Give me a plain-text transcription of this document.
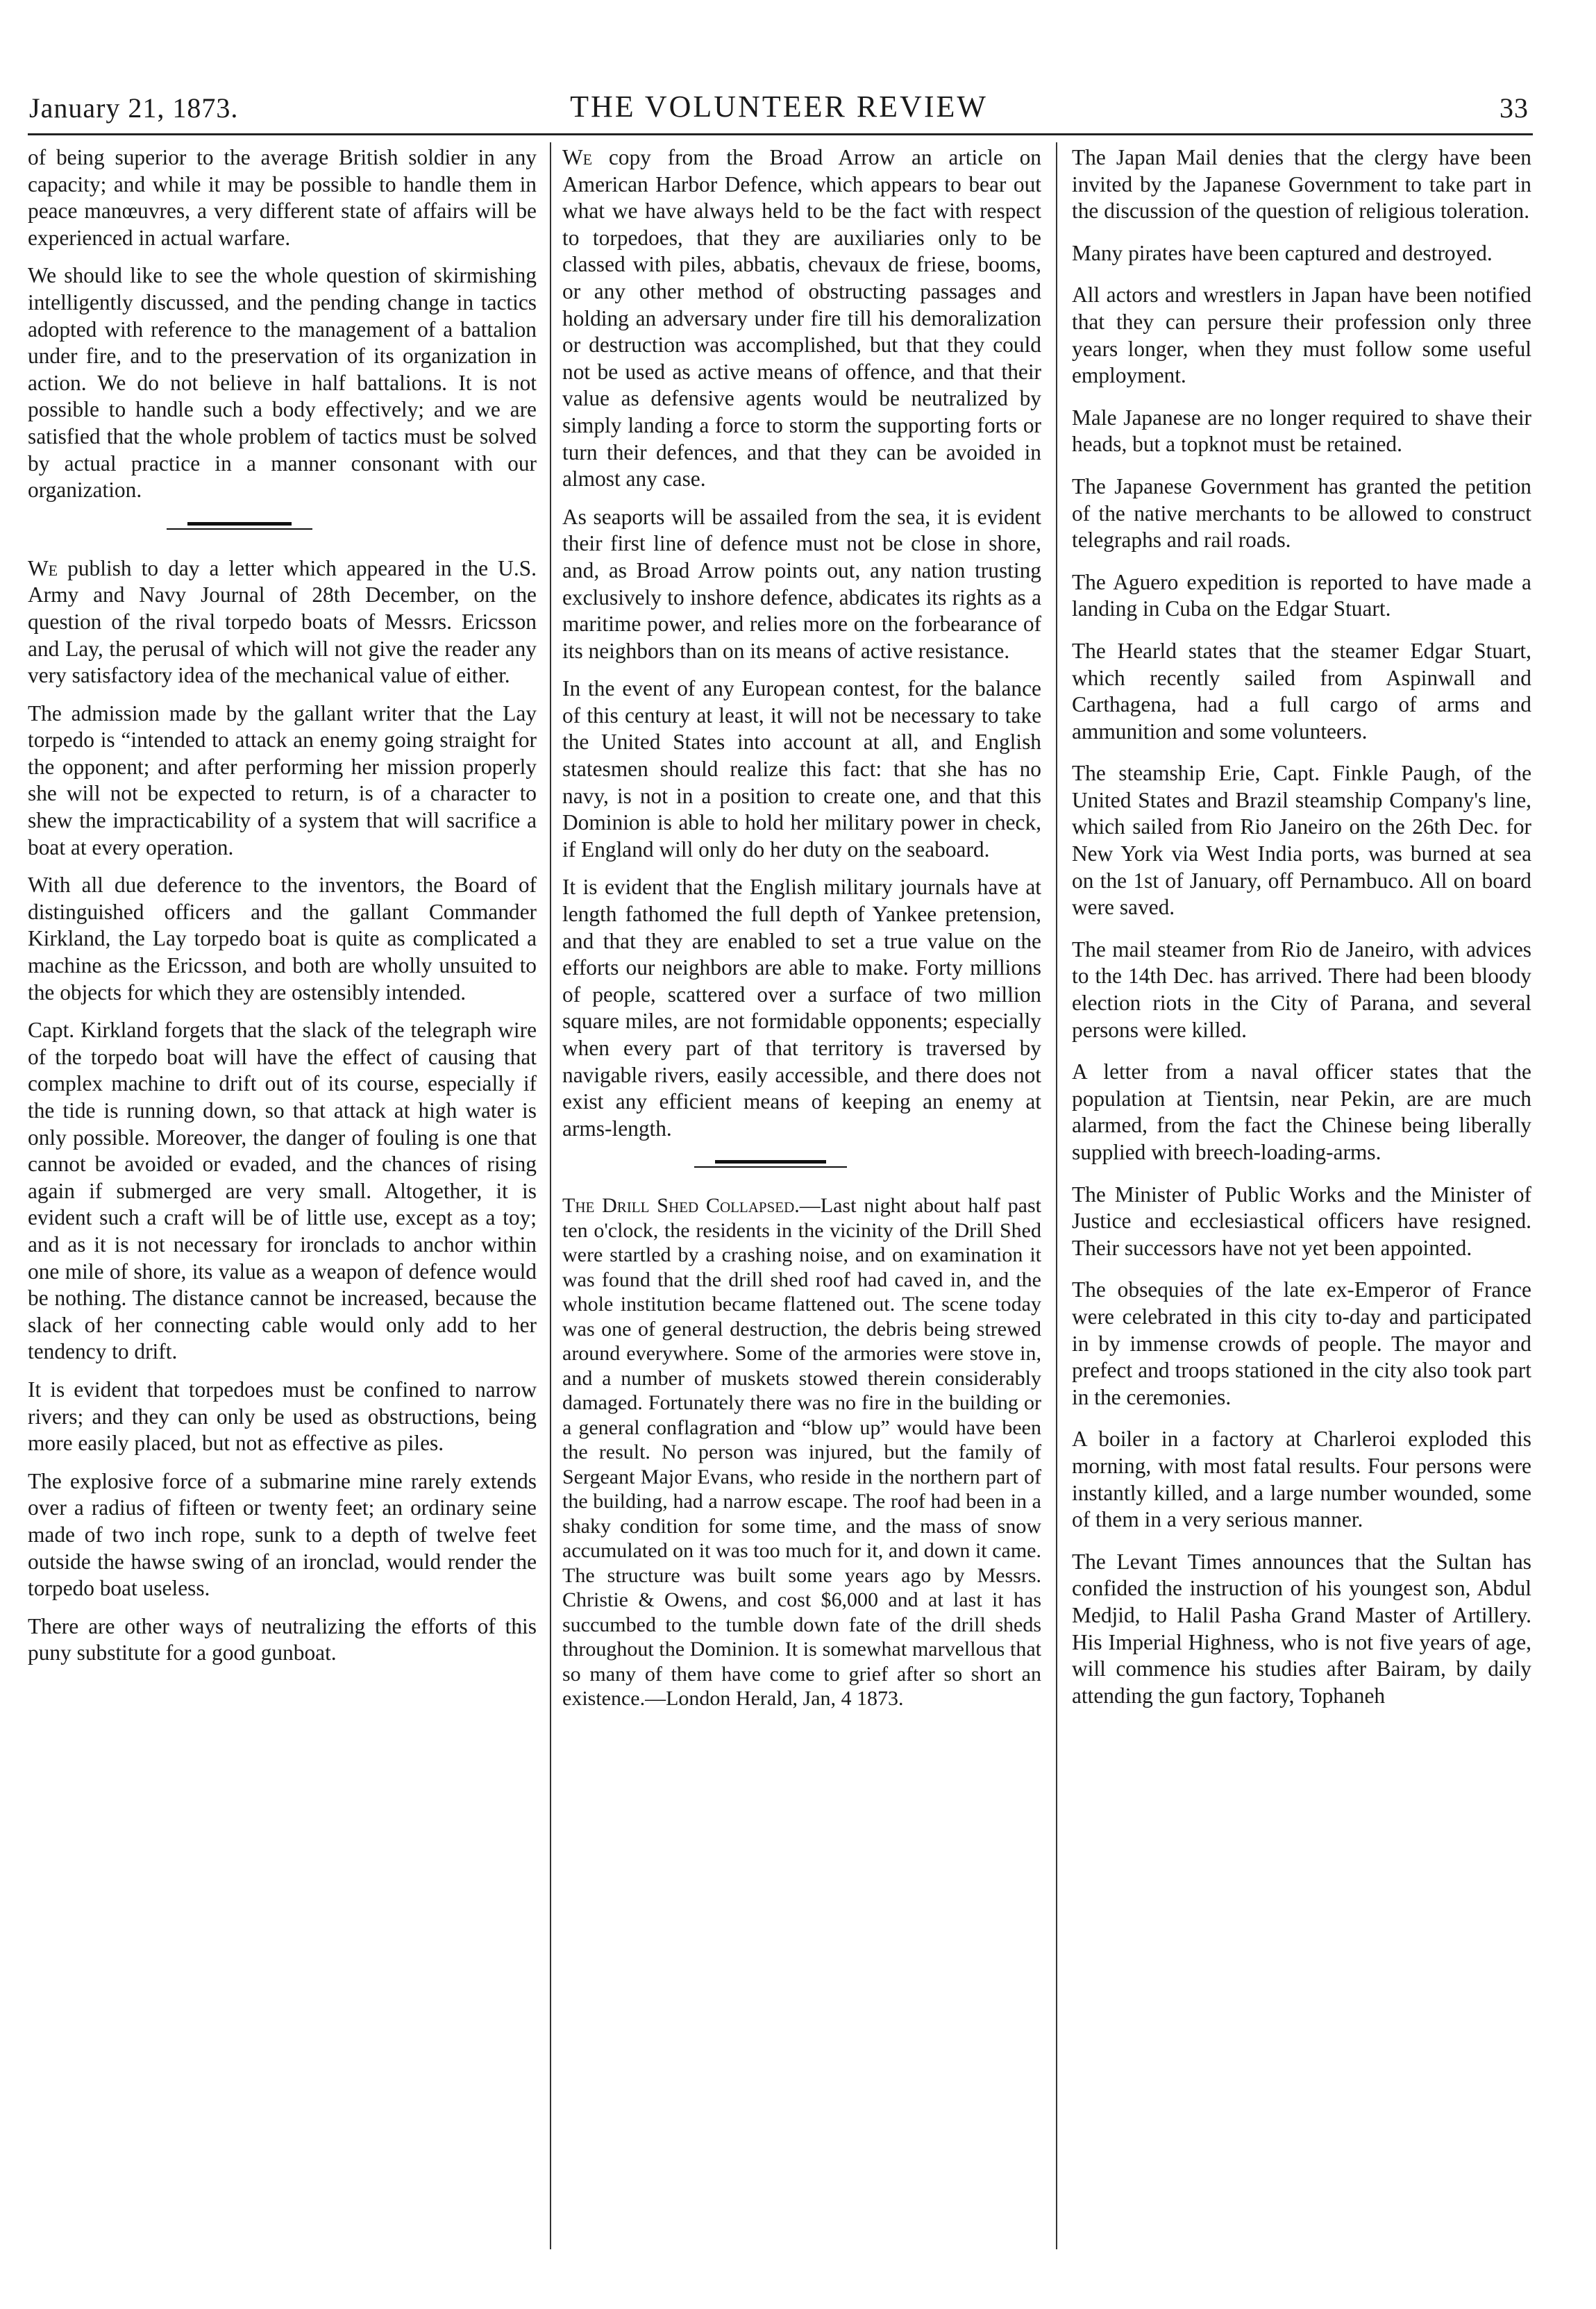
January 21, 1873.	THE VOLUNTEER REVIEW	33

of being superior to the average British soldier in any capacity; and while it may be possible to handle them in peace manœuvres, a very different state of affairs will be experienced in actual warfare.

We should like to see the whole question of skirmishing intelligently discussed, and the pending change in tactics adopted with reference to the management of a battalion under fire, and to the preservation of its organization in action. We do not believe in half battalions. It is not possible to handle such a body effectively; and we are satisfied that the whole problem of tactics must be solved by actual practice in a manner consonant with our organization.

We publish to day a letter which appeared in the U.S. Army and Navy Journal of 28th December, on the question of the rival torpedo boats of Messrs. Ericsson and Lay, the perusal of which will not give the reader any very satisfactory idea of the mechanical value of either.

The admission made by the gallant writer that the Lay torpedo is “intended to attack an enemy going straight for the opponent; and after performing her mission properly she will not be expected to return, is of a character to shew the impracticability of a system that will sacrifice a boat at every operation.

With all due deference to the inventors, the Board of distinguished officers and the gallant Commander Kirkland, the Lay torpedo boat is quite as complicated a machine as the Ericsson, and both are wholly unsuited to the objects for which they are ostensibly intended.

Capt. Kirkland forgets that the slack of the telegraph wire of the torpedo boat will have the effect of causing that complex machine to drift out of its course, especially if the tide is running down, so that attack at high water is only possible. Moreover, the danger of fouling is one that cannot be avoided or evaded, and the chances of rising again if submerged are very small. Altogether, it is evident such a craft will be of little use, except as a toy; and as it is not necessary for ironclads to anchor within one mile of shore, its value as a weapon of defence would be nothing. The distance cannot be increased, because the slack of her connecting cable would only add to her tendency to drift.

It is evident that torpedoes must be confined to narrow rivers; and they can only be used as obstructions, being more easily placed, but not as effective as piles.

The explosive force of a submarine mine rarely extends over a radius of fifteen or twenty feet; an ordinary seine made of two inch rope, sunk to a depth of twelve feet outside the hawse swing of an ironclad, would render the torpedo boat useless.

There are other ways of neutralizing the efforts of this puny substitute for a good gunboat.

We copy from the Broad Arrow an article on American Harbor Defence, which appears to bear out what we have always held to be the fact with respect to torpedoes, that they are auxiliaries only to be classed with piles, abbatis, chevaux de friese, booms, or any other method of obstructing passages and holding an adversary under fire till his demoralization or destruction was accomplished, but that they could not be used as active means of offence, and that their value as defensive agents would be neutralized by simply landing a force to storm the supporting forts or turn their defences, and that they can be avoided in almost any case.

As seaports will be assailed from the sea, it is evident their first line of defence must not be close in shore, and, as Broad Arrow points out, any nation trusting exclusively to inshore defence, abdicates its rights as a maritime power, and relies more on the forbearance of its neighbors than on its means of active resistance.

In the event of any European contest, for the balance of this century at least, it will not be necessary to take the United States into account at all, and English statesmen should realize this fact: that she has no navy, is not in a position to create one, and that this Dominion is able to hold her military power in check, if England will only do her duty on the seaboard.

It is evident that the English military journals have at length fathomed the full depth of Yankee pretension, and that they are enabled to set a true value on the efforts our neighbors are able to make. Forty millions of people, scattered over a surface of two million square miles, are not formidable opponents; especially when every part of that territory is traversed by navigable rivers, easily accessible, and there does not exist any efficient means of keeping an enemy at arms-length.

The Drill Shed Collapsed.—Last night about half past ten o'clock, the residents in the vicinity of the Drill Shed were startled by a crashing noise, and on examination it was found that the drill shed roof had caved in, and the whole institution became flattened out. The scene today was one of general destruction, the debris being strewed around everywhere. Some of the armories were stove in, and a number of muskets stowed therein considerably damaged. Fortunately there was no fire in the building or a general conflagration and “blow up” would have been the result. No person was injured, but the family of Sergeant Major Evans, who reside in the northern part of the building, had a narrow escape. The roof had been in a shaky condition for some time, and the mass of snow accumulated on it was too much for it, and down it came. The structure was built some years ago by Messrs. Christie & Owens, and cost $6,000 and at last it has succumbed to the tumble down fate of the drill sheds throughout the Dominion. It is somewhat marvellous that so many of them have come to grief after so short an existence.—London Herald, Jan, 4 1873.

The Japan Mail denies that the clergy have been invited by the Japanese Government to take part in the discussion of the question of religious toleration.

Many pirates have been captured and destroyed.

All actors and wrestlers in Japan have been notified that they can persure their profession only three years longer, when they must follow some useful employment.

Male Japanese are no longer required to shave their heads, but a topknot must be retained.

The Japanese Government has granted the petition of the native merchants to be allowed to construct telegraphs and rail roads.

The Aguero expedition is reported to have made a landing in Cuba on the Edgar Stuart.

The Hearld states that the steamer Edgar Stuart, which recently sailed from Aspinwall and Carthagena, had a full cargo of arms and ammunition and some volunteers.

The steamship Erie, Capt. Finkle Paugh, of the United States and Brazil steamship Company's line, which sailed from Rio Janeiro on the 26th Dec. for New York via West India ports, was burned at sea on the 1st of January, off Pernambuco. All on board were saved.

The mail steamer from Rio de Janeiro, with advices to the 14th Dec. has arrived. There had been bloody election riots in the City of Parana, and several persons were killed.

A letter from a naval officer states that the population at Tientsin, near Pekin, are are much alarmed, from the fact the Chinese being liberally supplied with breech-loading-arms.

The Minister of Public Works and the Minister of Justice and ecclesiastical officers have resigned. Their successors have not yet been appointed.

The obsequies of the late ex-Emperor of France were celebrated in this city to-day and participated in by immense crowds of people. The mayor and prefect and troops stationed in the city also took part in the ceremonies.

A boiler in a factory at Charleroi exploded this morning, with most fatal results. Four persons were instantly killed, and a large number wounded, some of them in a very serious manner.

The Levant Times announces that the Sultan has confided the instruction of his youngest son, Abdul Medjid, to Halil Pasha Grand Master of Artillery. His Imperial Highness, who is not five years of age, will commence his studies after Bairam, by daily attending the gun factory, Tophaneh
